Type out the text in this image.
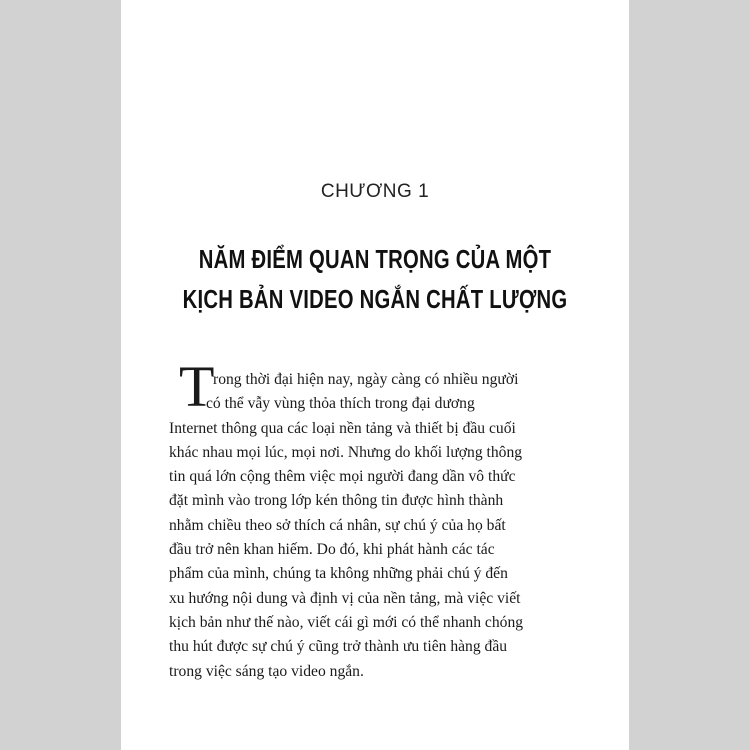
CHƯƠNG 1
NĂM ĐIỂM QUAN TRỌNG CỦA MỘT
KỊCH BẢN VIDEO NGẮN CHẤT LƯỢNG
T
rong thời đại hiện nay, ngày càng có nhiều người
có thể vẫy vùng thỏa thích trong đại dương
Internet thông qua các loại nền tảng và thiết bị đầu cuối
khác nhau mọi lúc, mọi nơi. Nhưng do khối lượng thông
tin quá lớn cộng thêm việc mọi người đang dần vô thức
đặt mình vào trong lớp kén thông tin được hình thành
nhằm chiều theo sở thích cá nhân, sự chú ý của họ bất
đầu trở nên khan hiếm. Do đó, khi phát hành các tác
phẩm của mình, chúng ta không những phải chú ý đến
xu hướng nội dung và định vị của nền tảng, mà việc viết
kịch bản như thế nào, viết cái gì mới có thể nhanh chóng
thu hút được sự chú ý cũng trở thành ưu tiên hàng đầu
trong việc sáng tạo video ngắn.
